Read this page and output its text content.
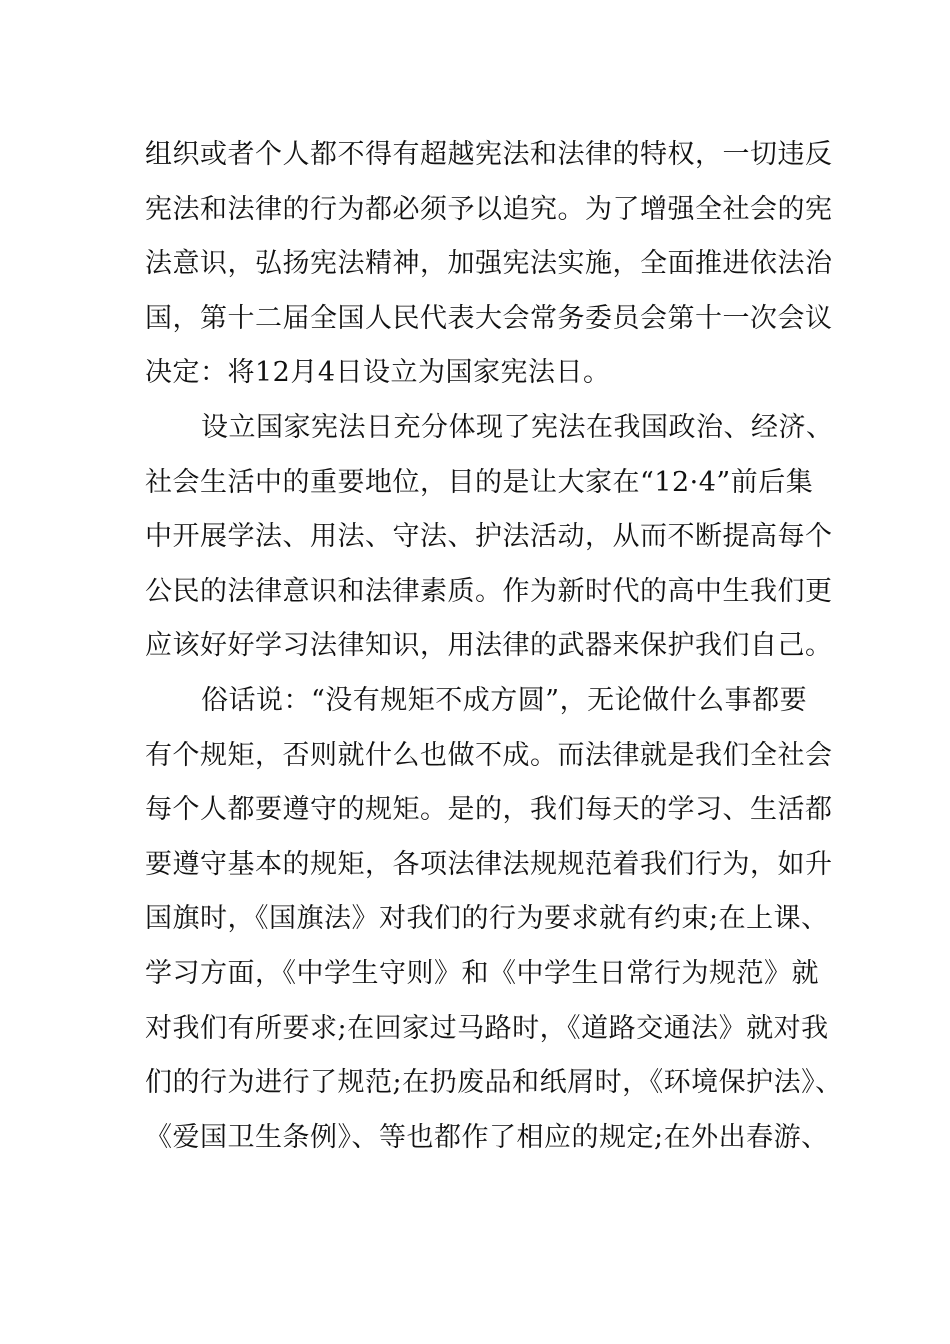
组织或者个人都不得有超越宪法和法律的特权，一切违反
宪法和法律的行为都必须予以追究。为了增强全社会的宪
法意识，弘扬宪法精神，加强宪法实施，全面推进依法治
国，第十二届全国人民代表大会常务委员会第十一次会议
决定：将12月4日设立为国家宪法日。
设立国家宪法日充分体现了宪法在我国政治、经济、
社会生活中的重要地位，目的是让大家在“12·4”前后集
中开展学法、用法、守法、护法活动，从而不断提高每个
公民的法律意识和法律素质。作为新时代的高中生我们更
应该好好学习法律知识，用法律的武器来保护我们自己。
俗话说：“没有规矩不成方圆”，无论做什么事都要
有个规矩，否则就什么也做不成。而法律就是我们全社会
每个人都要遵守的规矩。是的，我们每天的学习、生活都
要遵守基本的规矩，各项法律法规规范着我们行为，如升
国旗时，《国旗法》对我们的行为要求就有约束;在上课、
学习方面，《中学生守则》和《中学生日常行为规范》就
对我们有所要求;在回家过马路时，《道路交通法》就对我
们的行为进行了规范;在扔废品和纸屑时，《环境保护法》、
《爱国卫生条例》、等也都作了相应的规定;在外出春游、
